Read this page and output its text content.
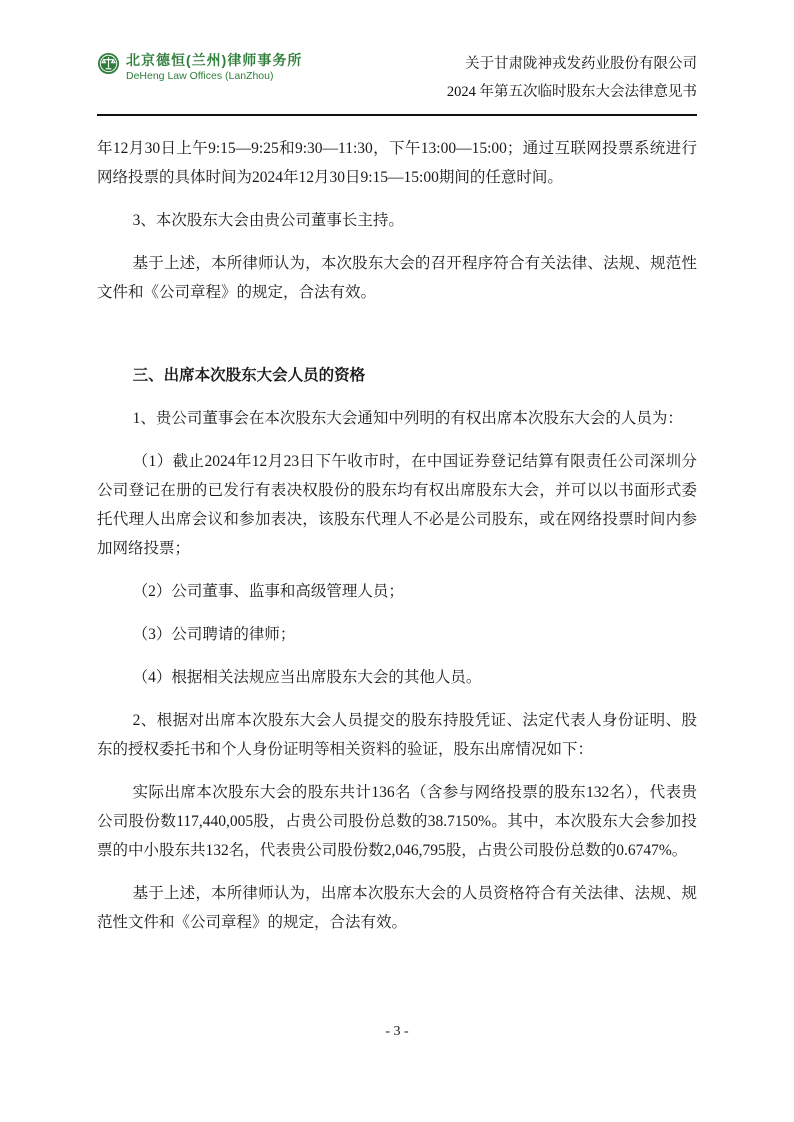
北京德恒(兰州)律师事务所
DeHeng Law Offices (LanZhou)
关于甘肃陇神戎发药业股份有限公司
2024 年第五次临时股东大会法律意见书

年12月30日上午9:15—9:25和9:30—11:30，下午13:00—15:00；通过互联网投票系统进行网络投票的具体时间为2024年12月30日9:15—15:00期间的任意时间。

3、本次股东大会由贵公司董事长主持。

基于上述，本所律师认为，本次股东大会的召开程序符合有关法律、法规、规范性文件和《公司章程》的规定，合法有效。

三、出席本次股东大会人员的资格

1、贵公司董事会在本次股东大会通知中列明的有权出席本次股东大会的人员为：

（1）截止2024年12月23日下午收市时，在中国证券登记结算有限责任公司深圳分公司登记在册的已发行有表决权股份的股东均有权出席股东大会，并可以以书面形式委托代理人出席会议和参加表决，该股东代理人不必是公司股东，或在网络投票时间内参加网络投票；

（2）公司董事、监事和高级管理人员；

（3）公司聘请的律师；

（4）根据相关法规应当出席股东大会的其他人员。

2、根据对出席本次股东大会人员提交的股东持股凭证、法定代表人身份证明、股东的授权委托书和个人身份证明等相关资料的验证，股东出席情况如下：

实际出席本次股东大会的股东共计136名（含参与网络投票的股东132名），代表贵公司股份数117,440,005股，占贵公司股份总数的38.7150%。其中，本次股东大会参加投票的中小股东共132名，代表贵公司股份数2,046,795股，占贵公司股份总数的0.6747%。

基于上述，本所律师认为，出席本次股东大会的人员资格符合有关法律、法规、规范性文件和《公司章程》的规定，合法有效。

- 3 -
